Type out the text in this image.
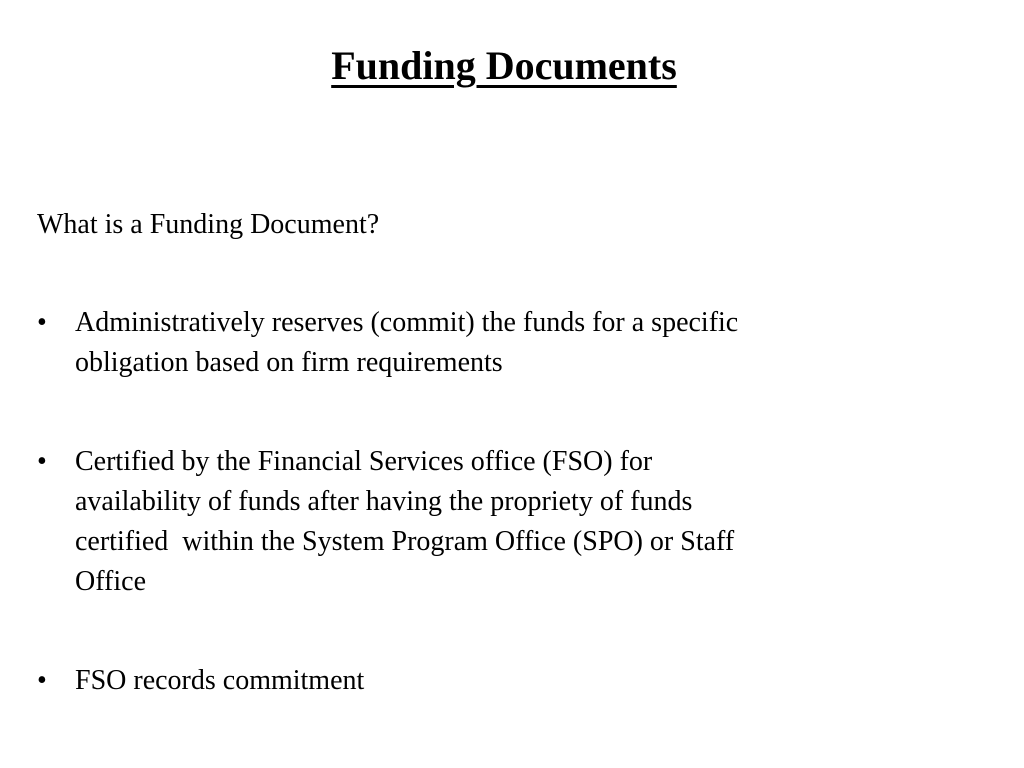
Funding Documents

What is a Funding Document?

•	Administratively reserves (commit) the funds for a specific
obligation based on firm requirements
•	Certified by the Financial Services office (FSO) for
availability of funds after having the propriety of funds
certified  within the System Program Office (SPO) or Staff
Office
•	FSO records commitment
